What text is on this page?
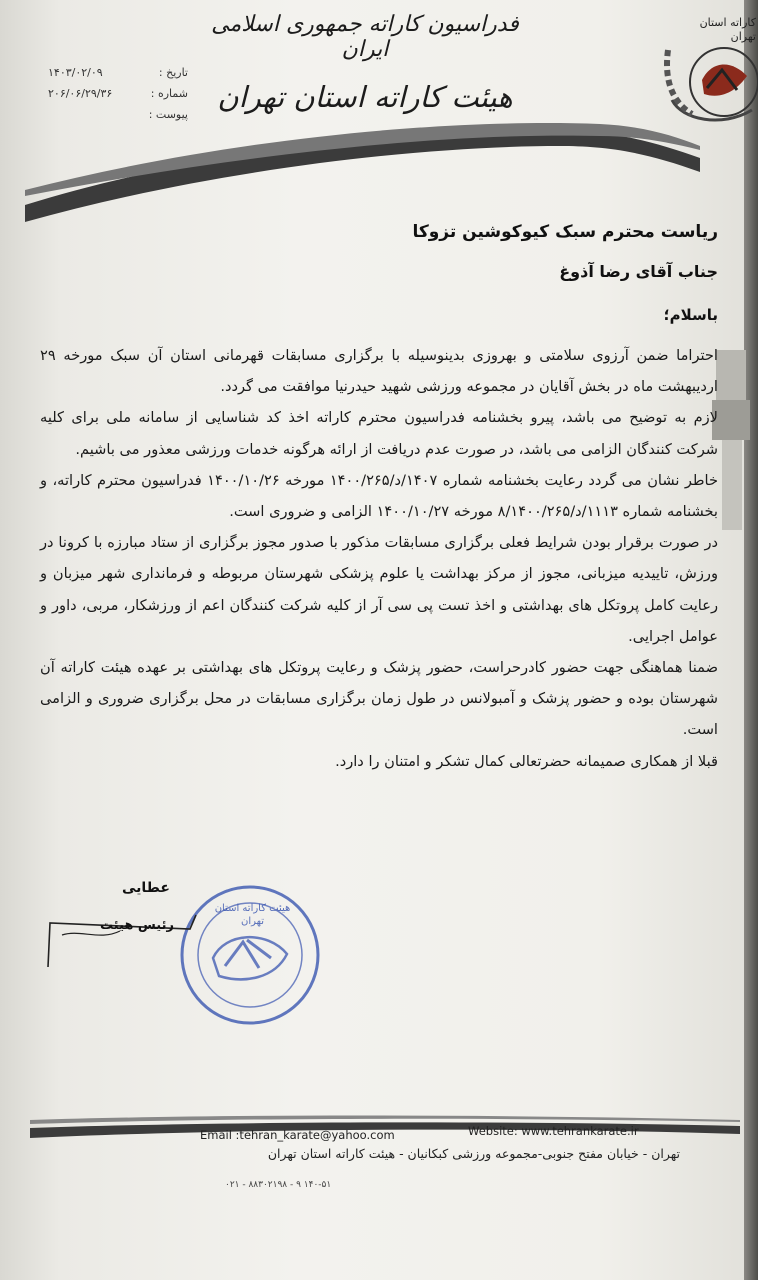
کاراته استان تهران
فدراسیون کاراته جمهوری اسلامی ایران
هیئت کاراته استان تهران
تاریخ :
۱۴۰۳/۰۲/۰۹
شماره :
۲۰۶/۰۶/۲۹/۳۶
پیوست :
ریاست محترم سبک کیوکوشین تزوکا
جناب آقای رضا آذوغ
باسلام؛

احتراما ضمن آرزوی سلامتی و بهروزی بدینوسیله با برگزاری مسابقات قهرمانی استان آن سبک مورخه ۲۹ اردیبهشت ماه در بخش آقایان در مجموعه ورزشی شهید حیدرنیا موافقت می گردد.

لازم به توضیح می باشد، پیرو بخشنامه فدراسیون محترم کاراته اخذ کد شناسایی از سامانه ملی برای کلیه شرکت کنندگان الزامی می باشد، در صورت عدم دریافت از ارائه هرگونه خدمات ورزشی معذور می باشیم.

خاطر نشان می گردد رعایت بخشنامه شماره ۱۴۰۷/د/۱۴۰۰/۲۶۵ مورخه ۱۴۰۰/۱۰/۲۶ فدراسیون محترم کاراته، و بخشنامه شماره ۱۱۱۳/د/۸/۱۴۰۰/۲۶۵ مورخه ۱۴۰۰/۱۰/۲۷ الزامی و ضروری است.

در صورت برقرار بودن شرایط فعلی برگزاری مسابقات مذکور با صدور مجوز برگزاری از ستاد مبارزه با کرونا در ورزش، تاییدیه میزبانی، مجوز از مرکز بهداشت یا علوم پزشکی شهرستان مربوطه و فرمانداری شهر میزبان و رعایت کامل پروتکل های بهداشتی و اخذ تست پی سی آر از کلیه شرکت کنندگان اعم از ورزشکار، مربی، داور و عوامل اجرایی.

ضمنا هماهنگی جهت حضور کادرحراست، حضور پزشک و رعایت پروتکل های بهداشتی بر عهده هیئت کاراته آن شهرستان بوده و حضور پزشک و آمبولانس در طول زمان برگزاری مسابقات در محل برگزاری ضروری و الزامی است.

قبلا از همکاری صمیمانه حضرتعالی کمال تشکر و امتنان را دارد.

هیئت کاراته استان تهران
عطایی
رئیس هیئت
Email :tehran_karate@yahoo.com	Website: www.tehrankarate.ir
تهران - خیابان مفتح جنوبی-مجموعه ورزشی کبکانیان - هیئت کاراته استان تهران
۰۲۱ - ۸۸۳۰۲۱۹۸ - ۹ ۱۴۰-۵۱
